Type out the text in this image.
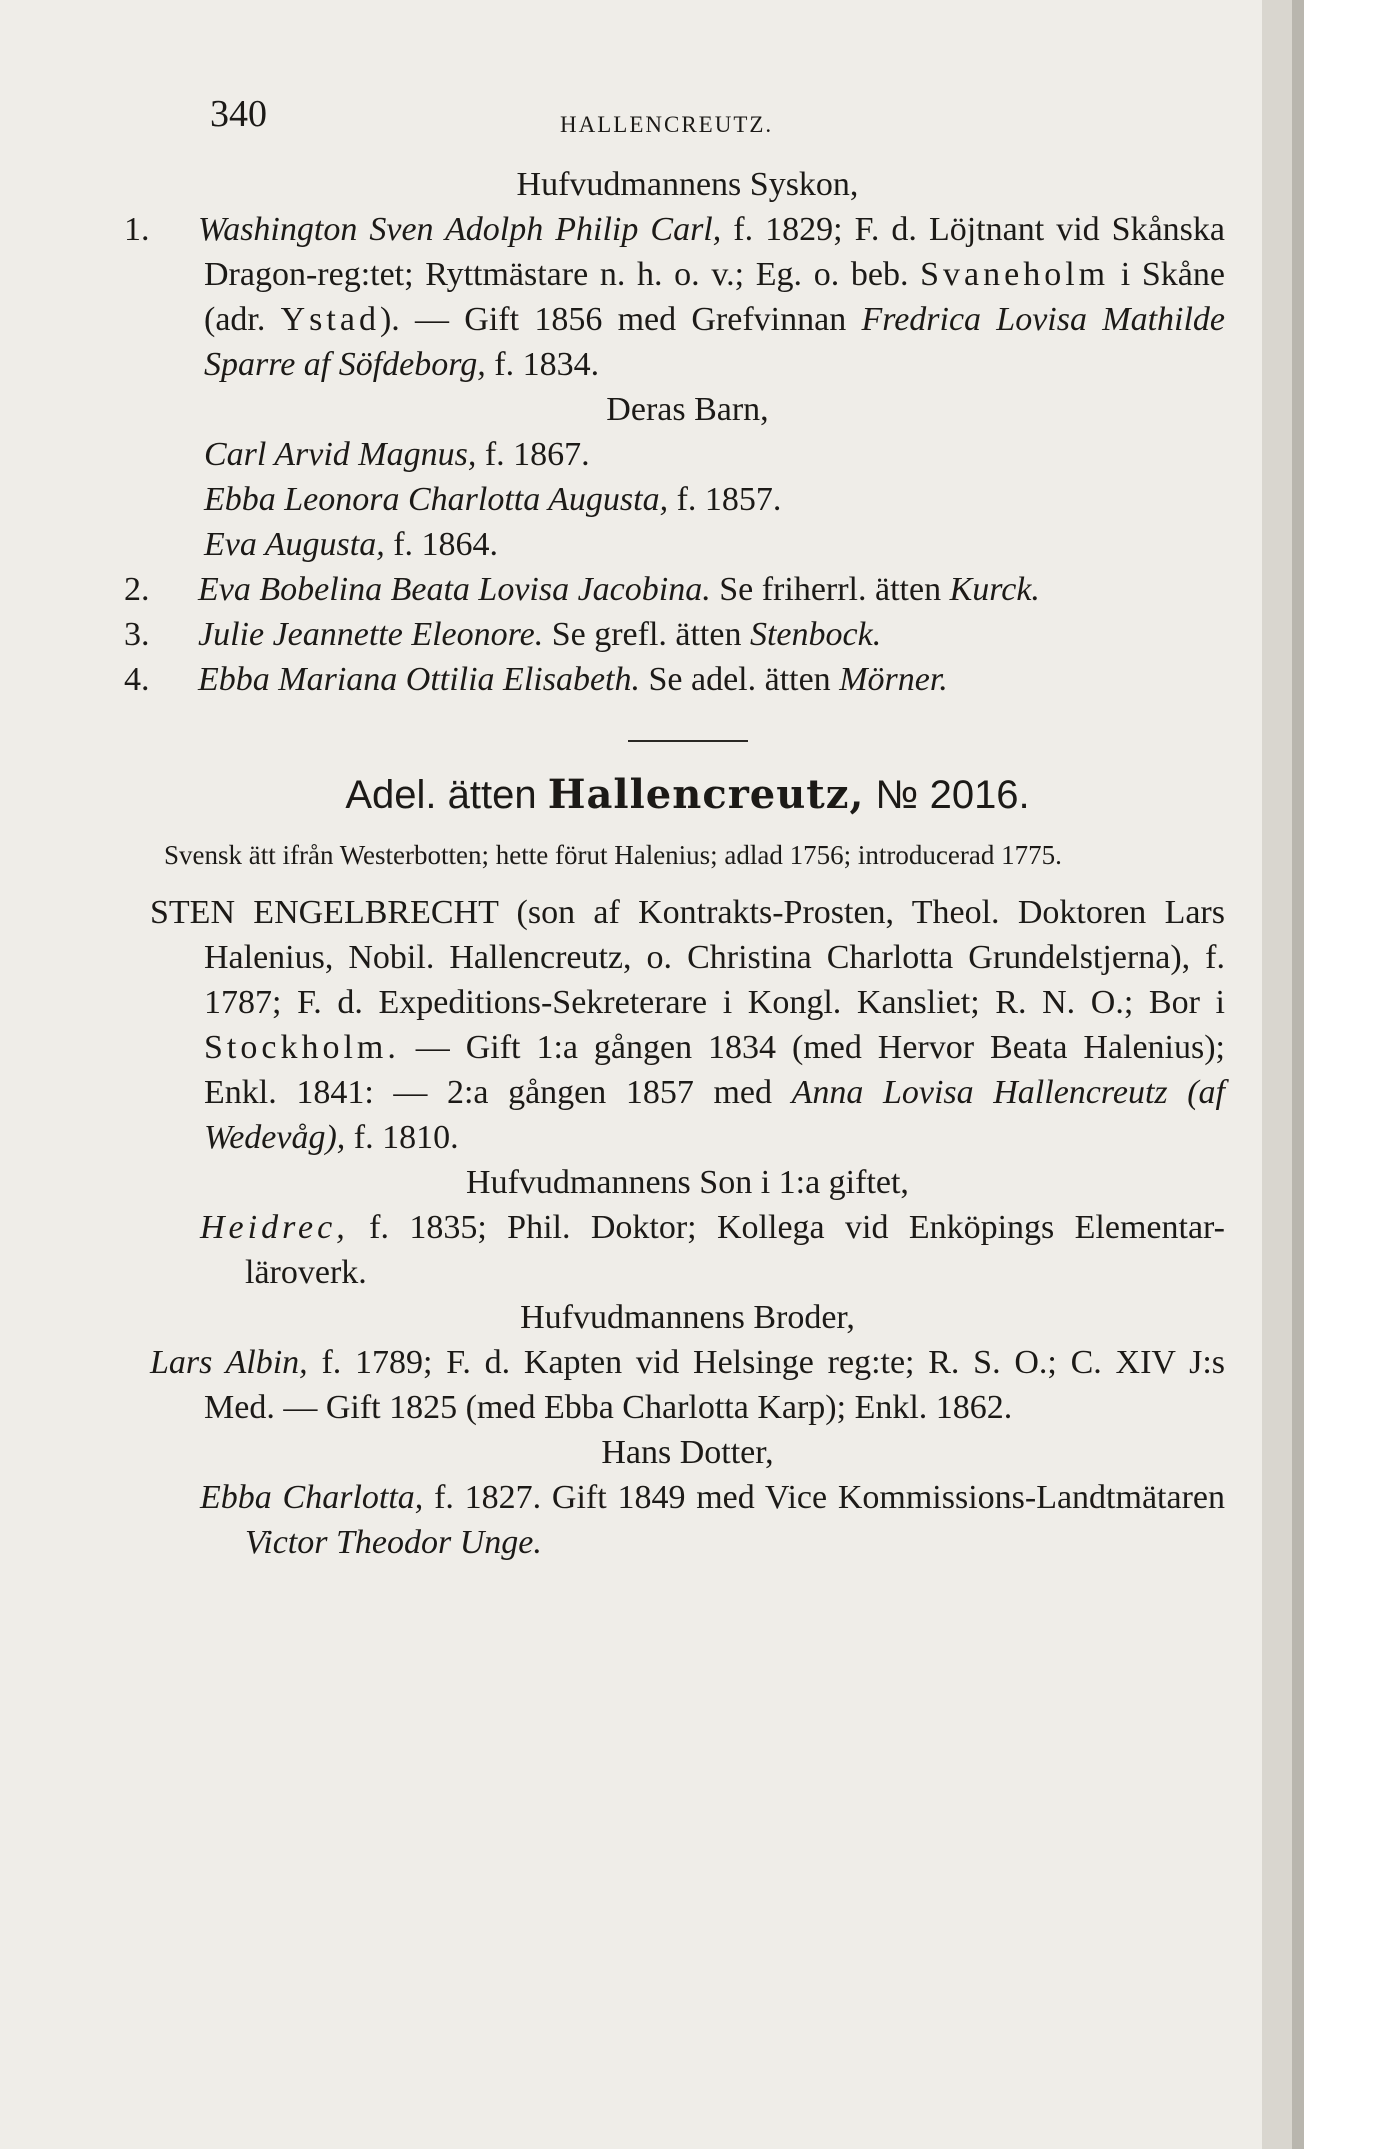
340	HALLENCREUTZ.
Hufvudmannens Syskon,
1. Washington Sven Adolph Philip Carl, f. 1829; F. d. Löjtnant vid Skånska Dragon-reg:tet; Ryttmästare n. h. o. v.; Eg. o. beb. Svaneholm i Skåne (adr. Ystad). — Gift 1856 med Grefvinnan Fredrica Lovisa Mathilde Sparre af Söfdeborg, f. 1834.
Deras Barn,
Carl Arvid Magnus, f. 1867.
Ebba Leonora Charlotta Augusta, f. 1857.
Eva Augusta, f. 1864.
2. Eva Bobelina Beata Lovisa Jacobina. Se friherrl. ätten Kurck.
3. Julie Jeannette Eleonore. Se grefl. ätten Stenbock.
4. Ebba Mariana Ottilia Elisabeth. Se adel. ätten Mörner.
Adel. ätten Hallencreutz, № 2016.
Svensk ätt ifrån Westerbotten; hette förut Halenius; adlad 1756; introducerad 1775.
STEN ENGELBRECHT (son af Kontrakts-Prosten, Theol. Doktoren Lars Halenius, Nobil. Hallencreutz, o. Christina Charlotta Grundelstjerna), f. 1787; F. d. Expeditions-Sekreterare i Kongl. Kansliet; R. N. O.; Bor i Stockholm. — Gift 1:a gången 1834 (med Hervor Beata Halenius); Enkl. 1841: — 2:a gången 1857 med Anna Lovisa Hallencreutz (af Wedevåg), f. 1810.
Hufvudmannens Son i 1:a giftet,
Heidrec, f. 1835; Phil. Doktor; Kollega vid Enköpings Elementar-läroverk.
Hufvudmannens Broder,
Lars Albin, f. 1789; F. d. Kapten vid Helsinge reg:te; R. S. O.; C. XIV J:s Med. — Gift 1825 (med Ebba Charlotta Karp); Enkl. 1862.
Hans Dotter,
Ebba Charlotta, f. 1827. Gift 1849 med Vice Kommissions-Landtmätaren Victor Theodor Unge.
